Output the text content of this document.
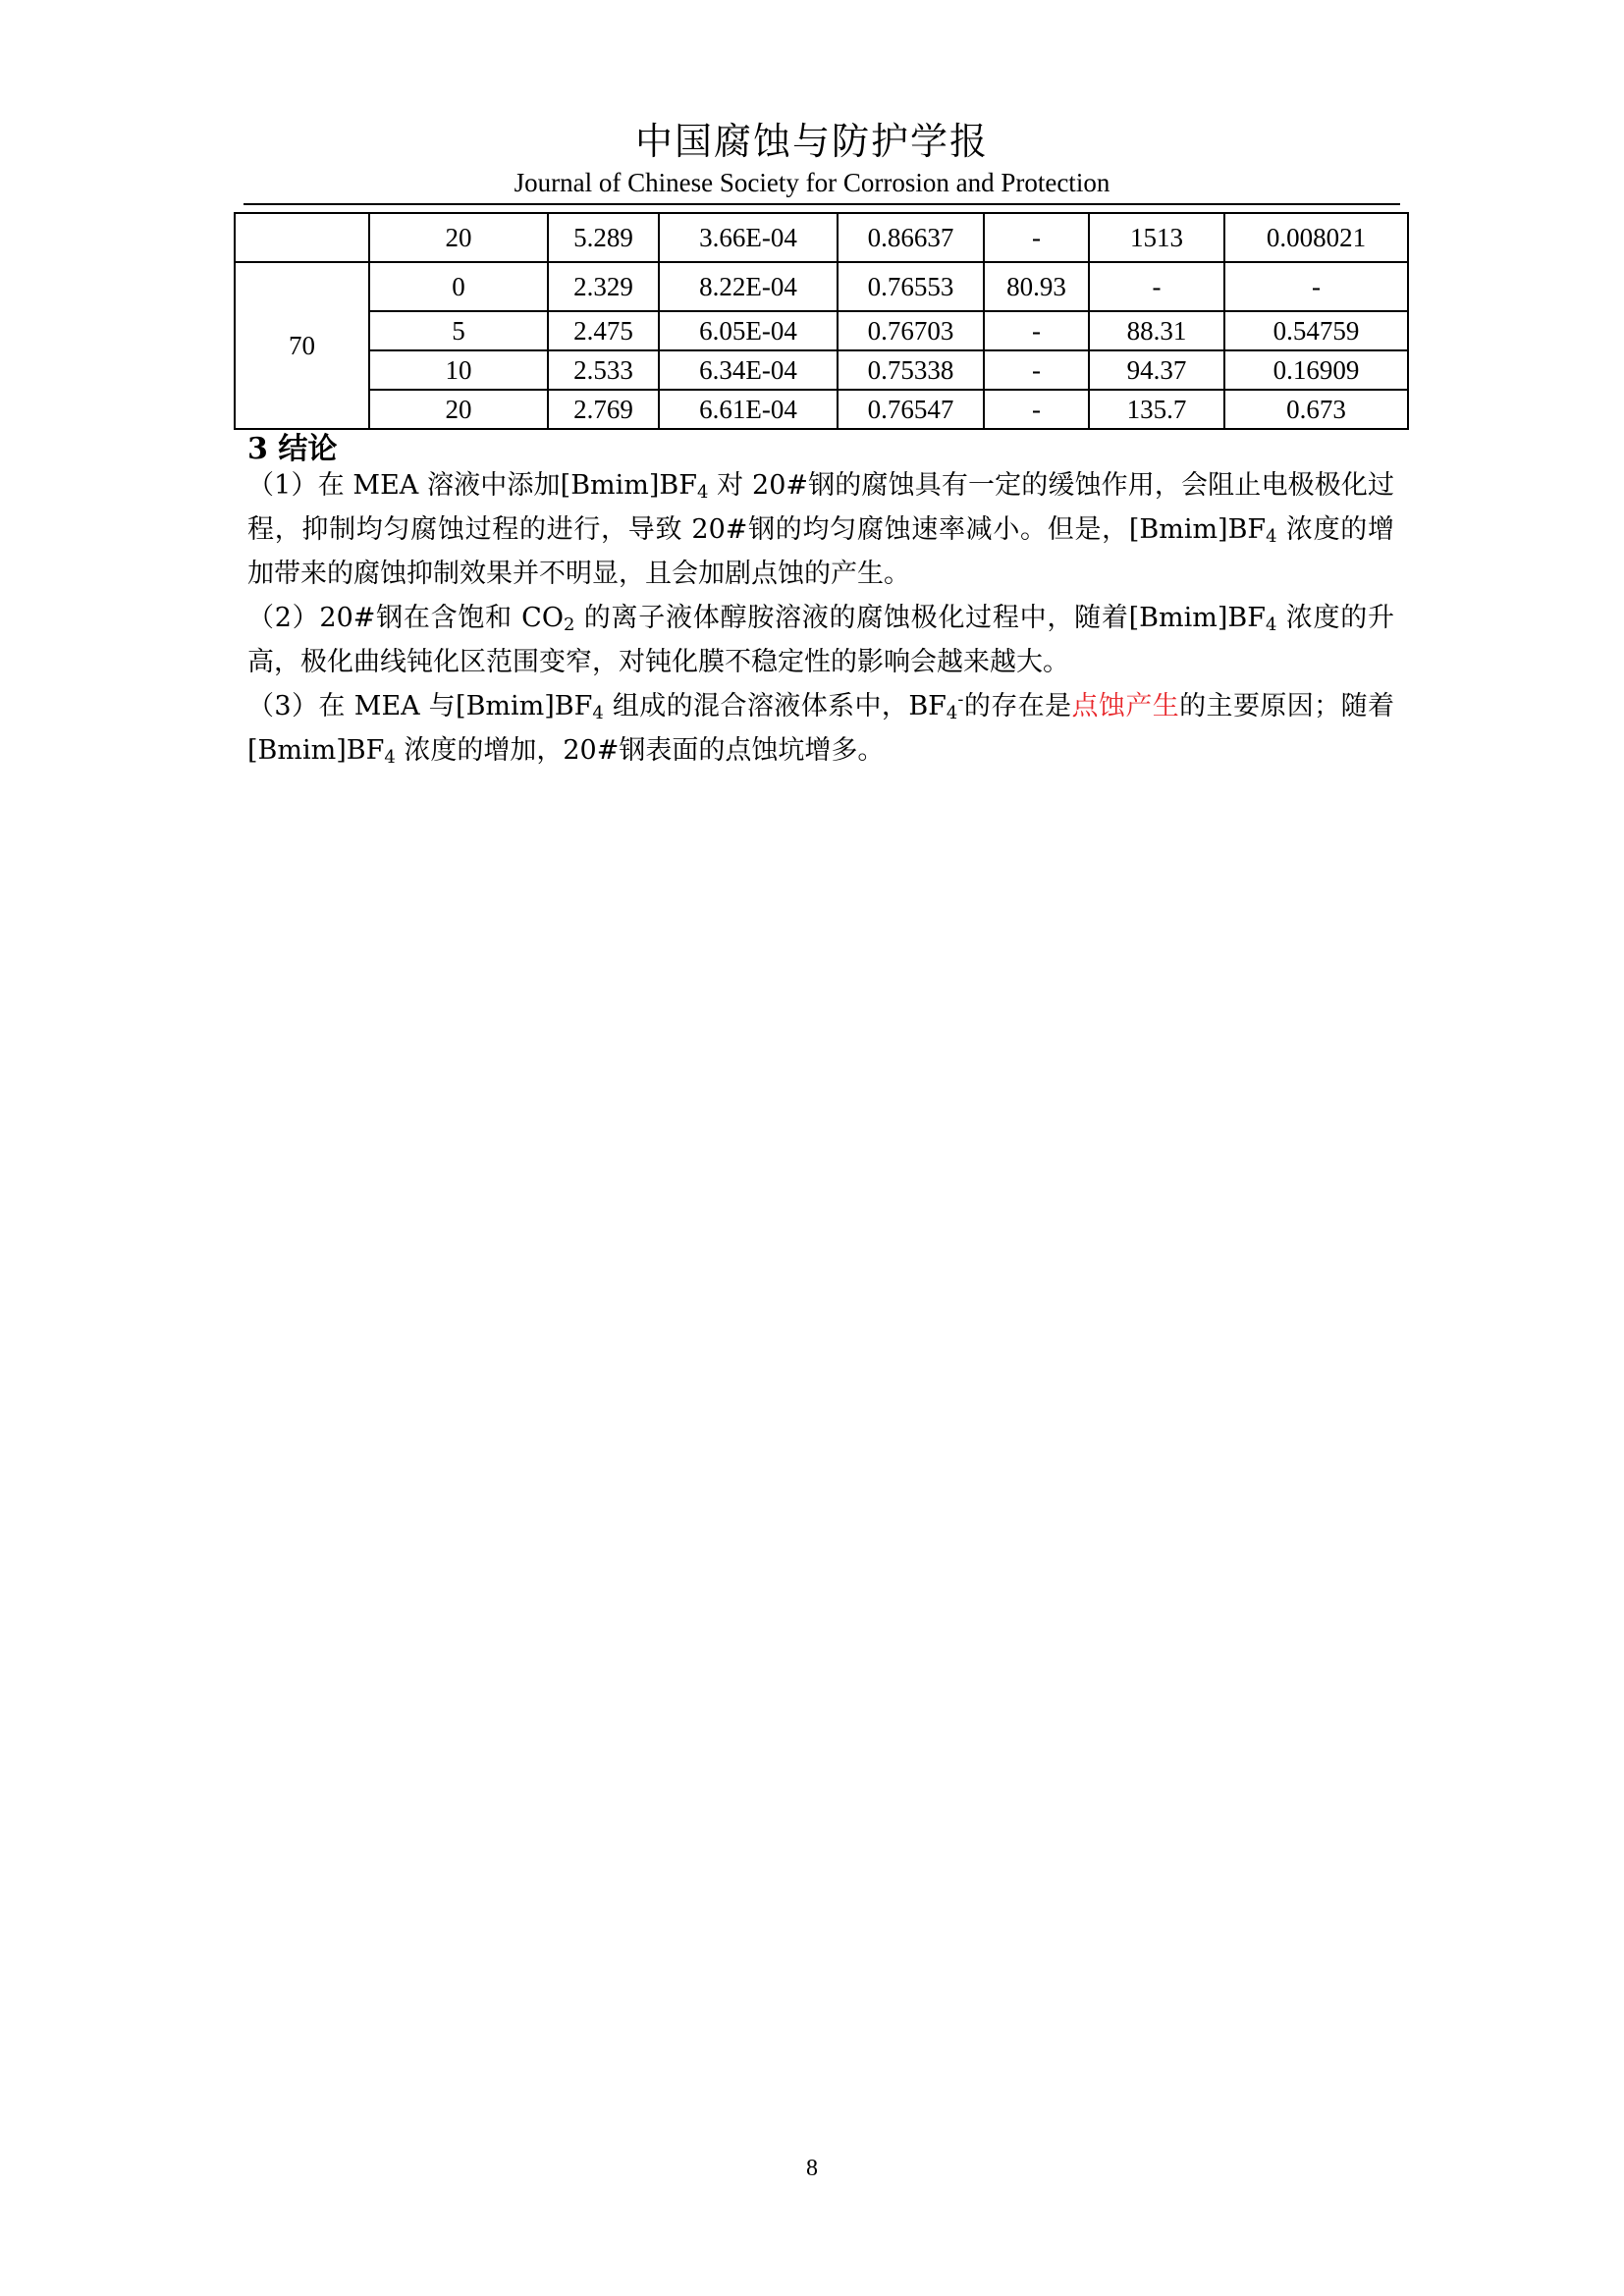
中国腐蚀与防护学报
Journal of Chinese Society for Corrosion and Protection
	20	5.289	3.66E-04	0.86637	-	1513	0.008021
70	0	2.329	8.22E-04	0.76553	80.93	-	-
	5	2.475	6.05E-04	0.76703	-	88.31	0.54759
	10	2.533	6.34E-04	0.75338	-	94.37	0.16909
	20	2.769	6.61E-04	0.76547	-	135.7	0.673
3 结论
（1）在 MEA 溶液中添加$[Bmim]BF_4$ 对 20#钢的腐蚀具有一定的缓蚀作用，会阻止电极极化过程，抑制均匀腐蚀过程的进行，导致 20#钢的均匀腐蚀速率减小。但是，$[Bmim]BF_4$ 浓度的增加带来的腐蚀抑制效果并不明显，且会加剧点蚀的产生。
（2）20#钢在含饱和 $CO_2$ 的离子液体醇胺溶液的腐蚀极化过程中，随着$[Bmim]BF_4$ 浓度的升高，极化曲线钝化区范围变窄，对钝化膜不稳定性的影响会越来越大。
（3）在 MEA 与$[Bmim]BF_4$ 组成的混合溶液体系中，$BF_4^-$的存在是点蚀产生的主要原因；随着$[Bmim]BF_4$ 浓度的增加，20#钢表面的点蚀坑增多。
8
